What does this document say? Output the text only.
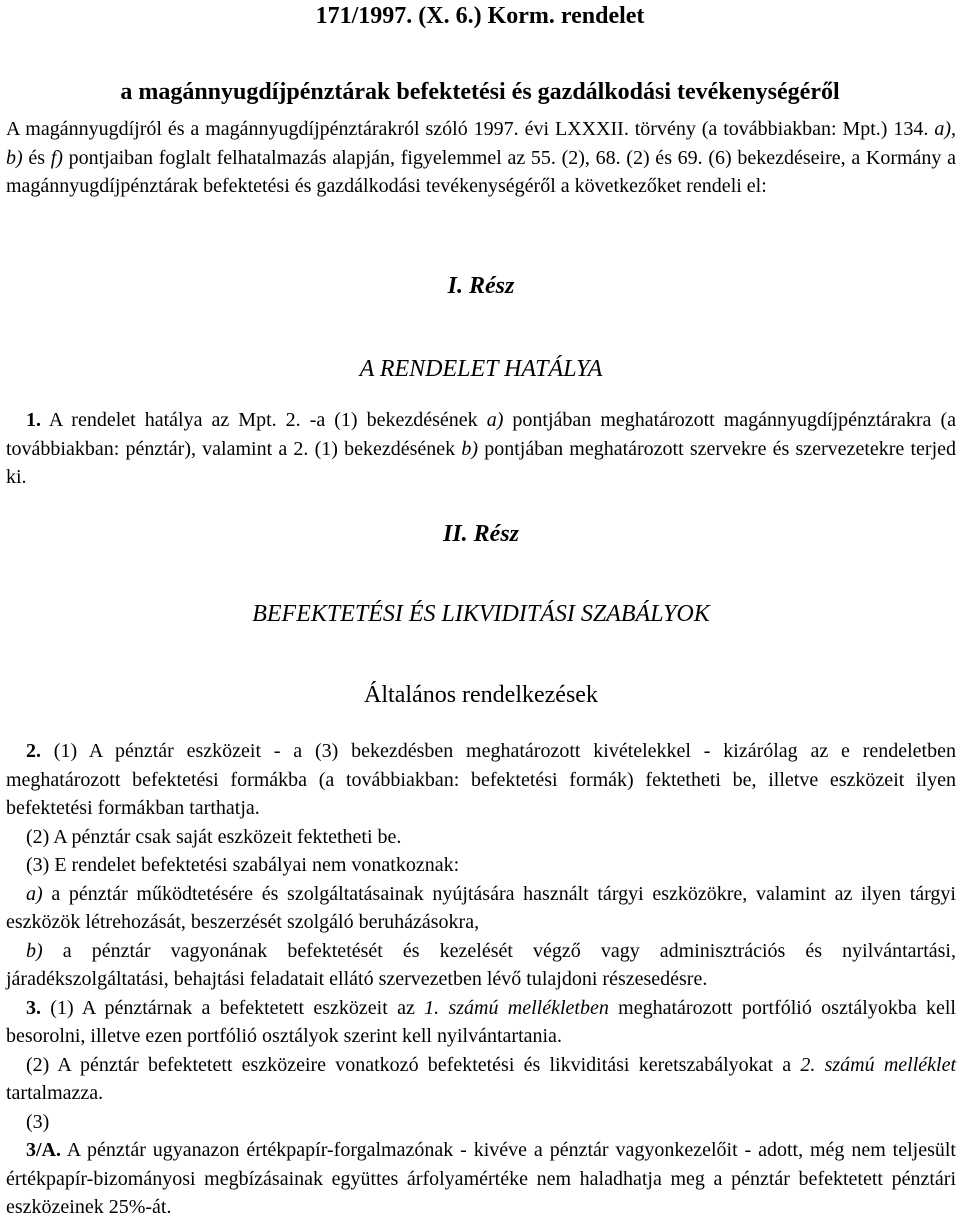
171/1997. (X. 6.) Korm. rendelet
a magánnyugdíjpénztárak befektetési és gazdálkodási tevékenységéről

A magánnyugdíjról és a magánnyugdíjpénztárakról szóló 1997. évi LXXXII. törvény (a továbbiakban: Mpt.) 134. a), b) és f) pontjaiban foglalt felhatalmazás alapján, figyelemmel az 55. (2), 68. (2) és 69. (6) bekezdéseire, a Kormány a magánnyugdíjpénztárak befektetési és gazdálkodási tevékenységéről a következőket rendeli el:

I. Rész
A RENDELET HATÁLYA

1. A rendelet hatálya az Mpt. 2. -a (1) bekezdésének a) pontjában meghatározott magánnyugdíjpénztárakra (a továbbiakban: pénztár), valamint a 2. (1) bekezdésének b) pontjában meghatározott szervekre és szervezetekre terjed ki.

II. Rész
BEFEKTETÉSI ÉS LIKVIDITÁSI SZABÁLYOK
Általános rendelkezések

2. (1) A pénztár eszközeit - a (3) bekezdésben meghatározott kivételekkel - kizárólag az e rendeletben meghatározott befektetési formákba (a továbbiakban: befektetési formák) fektetheti be, illetve eszközeit ilyen befektetési formákban tarthatja.

(2) A pénztár csak saját eszközeit fektetheti be.

(3) E rendelet befektetési szabályai nem vonatkoznak:

a) a pénztár működtetésére és szolgáltatásainak nyújtására használt tárgyi eszközökre, valamint az ilyen tárgyi eszközök létrehozását, beszerzését szolgáló beruházásokra,

b) a pénztár vagyonának befektetését és kezelését végző vagy adminisztrációs és nyilvántartási, járadékszolgáltatási, behajtási feladatait ellátó szervezetben lévő tulajdoni részesedésre.

3. (1) A pénztárnak a befektetett eszközeit az 1. számú mellékletben meghatározott portfólió osztályokba kell besorolni, illetve ezen portfólió osztályok szerint kell nyilvántartania.

(2) A pénztár befektetett eszközeire vonatkozó befektetési és likviditási keretszabályokat a 2. számú melléklet tartalmazza.

(3)

3/A. A pénztár ugyanazon értékpapír-forgalmazónak - kivéve a pénztár vagyonkezelőit - adott, még nem teljesült értékpapír-bizományosi megbízásainak együttes árfolyamértéke nem haladhatja meg a pénztár befektetett pénztári eszközeinek 25%-át.
